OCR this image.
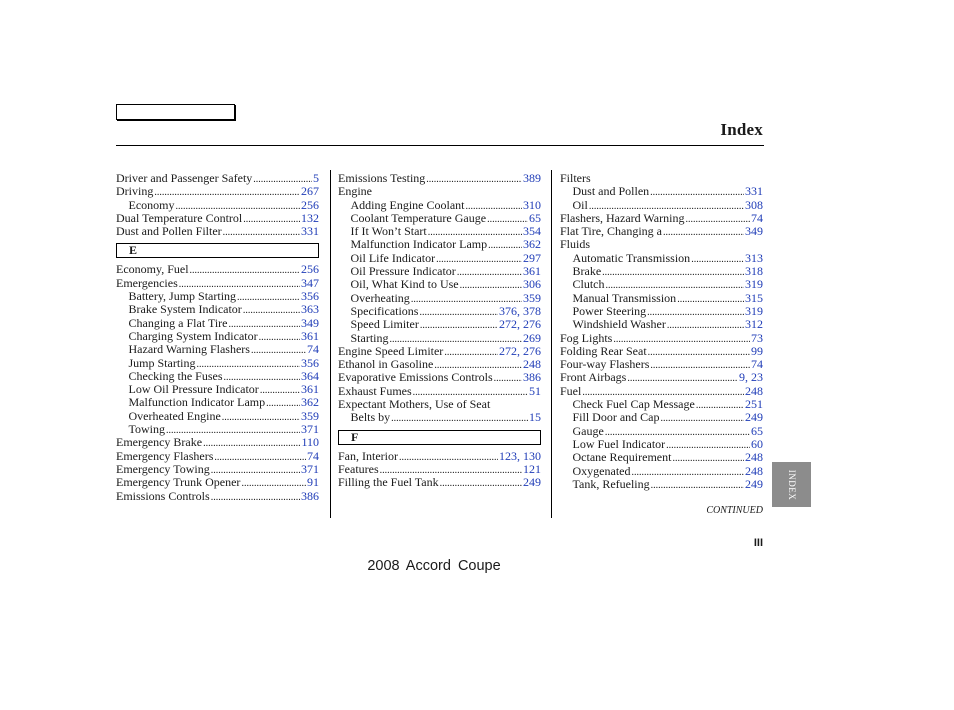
Index
Driver and Passenger Safety .....	5
Driving .....	267
Economy .....	256
Dual Temperature Control .....	132
Dust and Pollen Filter .....	331
E
Economy, Fuel .....	256
Emergencies .....	347
Battery, Jump Starting .....	356
Brake System Indicator .....	363
Changing a Flat Tire .....	349
Charging System Indicator .....	361
Hazard Warning Flashers .....	74
Jump Starting .....	356
Checking the Fuses .....	364
Low Oil Pressure Indicator .....	361
Malfunction Indicator Lamp .....	362
Overheated Engine .....	359
Towing .....	371
Emergency Brake .....	110
Emergency Flashers .....	74
Emergency Towing .....	371
Emergency Trunk Opener .....	91
Emissions Controls .....	386
Emissions Testing .....	389
Engine
Adding Engine Coolant .....	310
Coolant Temperature Gauge .....	65
If It Won’t Start .....	354
Malfunction Indicator Lamp .....	362
Oil Life Indicator .....	297
Oil Pressure Indicator .....	361
Oil, What Kind to Use .....	306
Overheating .....	359
Specifications .....	376, 378
Speed Limiter .....	272, 276
Starting .....	269
Engine Speed Limiter .....	272, 276
Ethanol in Gasoline .....	248
Evaporative Emissions Controls .....	386
Exhaust Fumes .....	51
Expectant Mothers, Use of Seat
Belts by .....	15
F
Fan, Interior .....	123, 130
Features .....	121
Filling the Fuel Tank .....	249
Filters
Dust and Pollen .....	331
Oil .....	308
Flashers, Hazard Warning .....	74
Flat Tire, Changing a .....	349
Fluids
Automatic Transmission .....	313
Brake .....	318
Clutch .....	319
Manual Transmission .....	315
Power Steering .....	319
Windshield Washer .....	312
Fog Lights .....	73
Folding Rear Seat .....	99
Four-way Flashers .....	74
Front Airbags .....	9, 23
Fuel .....	248
Check Fuel Cap Message .....	251
Fill Door and Cap .....	249
Gauge .....	65
Low Fuel Indicator .....	60
Octane Requirement .....	248
Oxygenated .....	248
Tank, Refueling .....	249	INDEX
CONTINUED
III
2008 Accord Coupe
